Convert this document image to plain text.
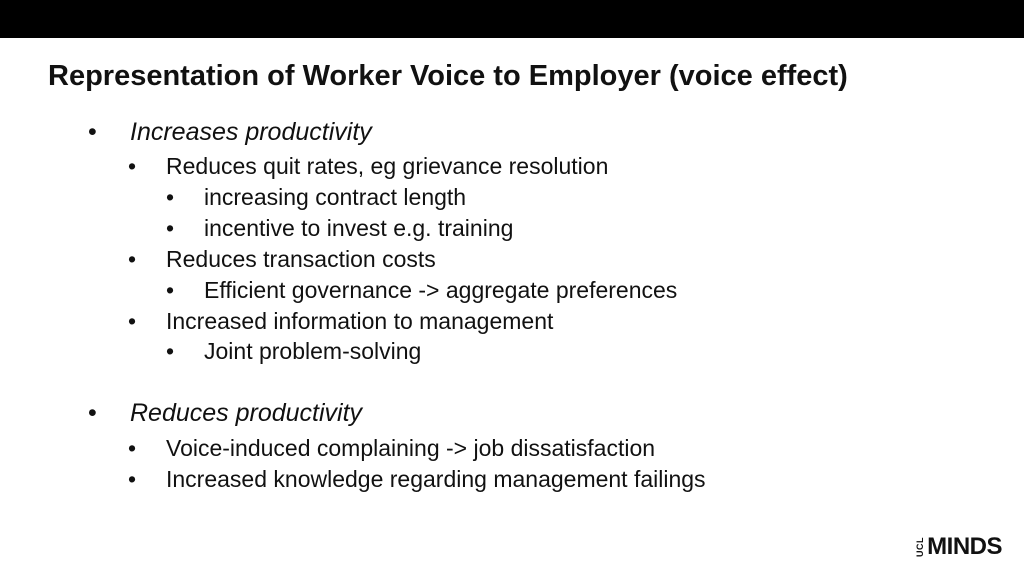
Representation of Worker Voice to Employer (voice effect)
•	Increases productivity
•	Reduces quit rates, eg grievance resolution
•	increasing contract length
•	incentive to invest e.g. training
•	Reduces transaction costs
•	Efficient governance -> aggregate preferences
•	Increased information to management
•	Joint problem-solving
•	Reduces productivity
•	Voice-induced complaining -> job dissatisfaction
•	Increased knowledge regarding management failings
UCL MINDS
